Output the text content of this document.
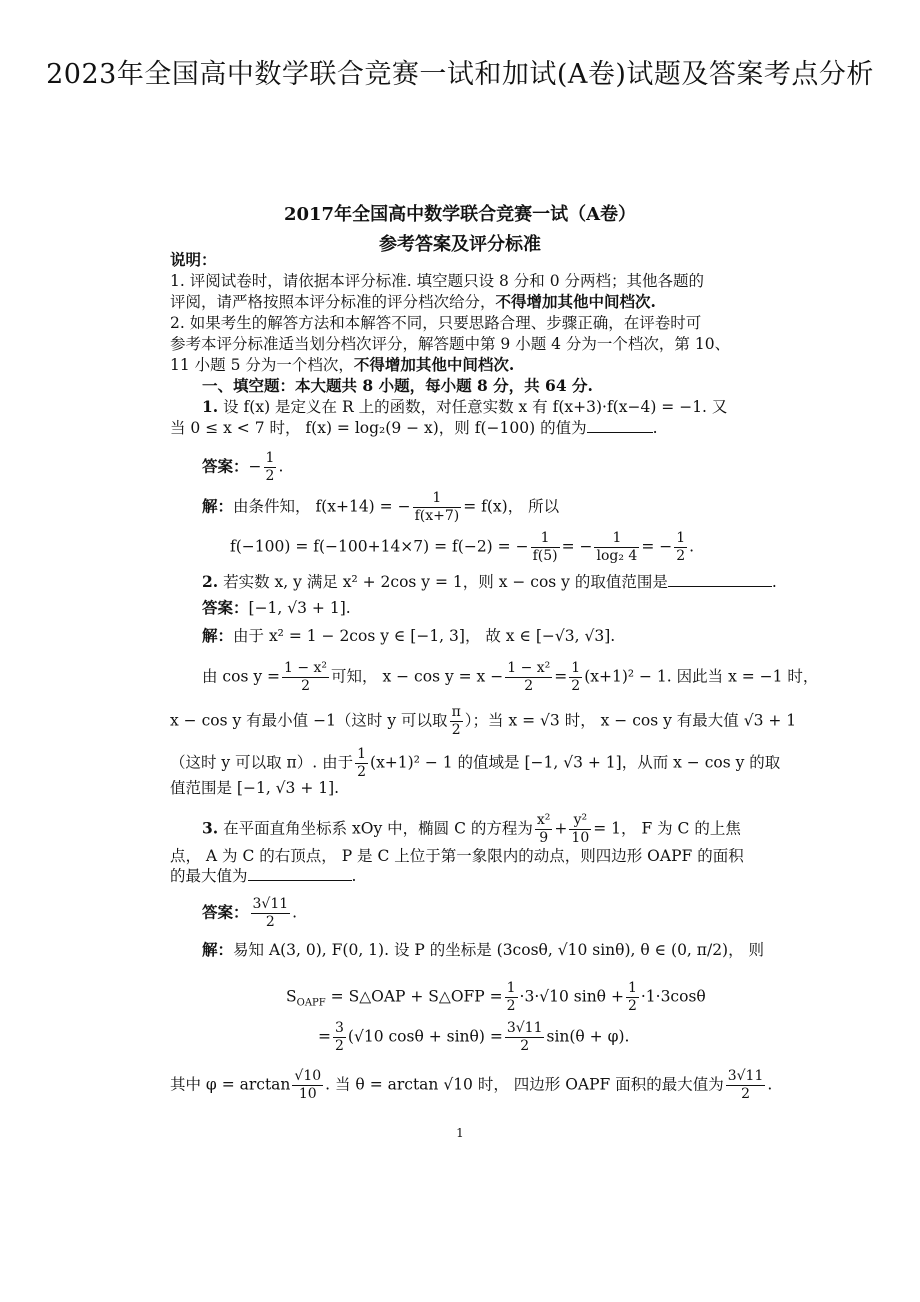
2023年全国高中数学联合竞赛一试和加试(A卷)试题及答案考点分析
2017年全国高中数学联合竞赛一试（A卷）
参考答案及评分标准
说明：
1. 评阅试卷时，请依据本评分标准. 填空题只设 8 分和 0 分两档；其他各题的
评阅，请严格按照本评分标准的评分档次给分，不得增加其他中间档次.
2. 如果考生的解答方法和本解答不同，只要思路合理、步骤正确，在评卷时可
参考本评分标准适当划分档次评分，解答题中第 9 小题 4 分为一个档次，第 10、
11 小题 5 分为一个档次，不得增加其他中间档次.
一、填空题：本大题共 8 小题，每小题 8 分，共 64 分.
1. 设 f(x) 是定义在 R 上的函数，对任意实数 x 有 f(x+3)·f(x−4) = −1. 又
当 0 ≤ x < 7 时， f(x) = log₂(9 − x)，则 f(−100) 的值为	.
答案：− $\frac{1}{2}$ .
解：由条件知， f(x+14) = − $\frac{1}{f(x+7)} = f(x)$， 所以
f(−100) = f(−100+14×7) = f(−2) = − $\frac{1}{f(5)}$ = − $\frac{1}{\text{log₂ 4}}$ = − $\frac{1}{2}$ .
2. 若实数 x, y 满足 x² + 2cos y = 1，则 x − cos y 的取值范围是	.
答案：[−1, √3 + 1].
解：由于 x² = 1 − 2cos y ∈ [−1, 3]， 故 x ∈ [−√3, √3].
由 $\cos y = \frac{\text{1 − x²}}{2}$ 可知， $x - \cos y = x - \frac{\text{1 − x²}}{2} = \frac{1}{2} (x+1)^2 - 1$. 因此当 x = −1 时，
x − cos y 有最小值 −1（这时 y 可以取 $\frac{\pi}{2}$ ）；当 x = √3 时， x − cos y 有最大值 √3 + 1
（这时 y 可以取 π）. 由于 $\frac{1}{2} (x+1)^2 - 1$ 的值域是 [−1, √3 + 1]，从而 x − cos y 的取
值范围是 [−1, √3 + 1].
3. 在平面直角坐标系 xOy 中，椭圆 C 的方程为 $\frac{\text{x²}}{9} + \frac{\text{y²}}{10} = 1$， F 为 C 的上焦
点， A 为 C 的右顶点， P 是 C 上位于第一象限内的动点，则四边形 OAPF 的面积
的最大值为	.
答案： $\frac{3√11}{2}$ .
解：易知 A(3, 0), F(0, 1). 设 P 的坐标是 (3cosθ, √10 sinθ), θ ∈ (0, π/2)， 则
$S_{OAPF}$ = S△OAP + S△OFP = $\frac{1}{2} \cdot 3\cdot√10$ $\sin\theta + \frac{1}{2} \cdot 1\cdot 3\cos\theta$
= $\frac{3}{2} (√10$ $\cos\theta + \sin\theta) = \frac{3√11}{2} \sin(\theta + \varphi)$.
其中 $\varphi = \arctan \frac{√10}{10}$ . 当 θ = arctan √10 时， 四边形 OAPF 面积的最大值为 $\frac{3√11}{2}$ .
1
